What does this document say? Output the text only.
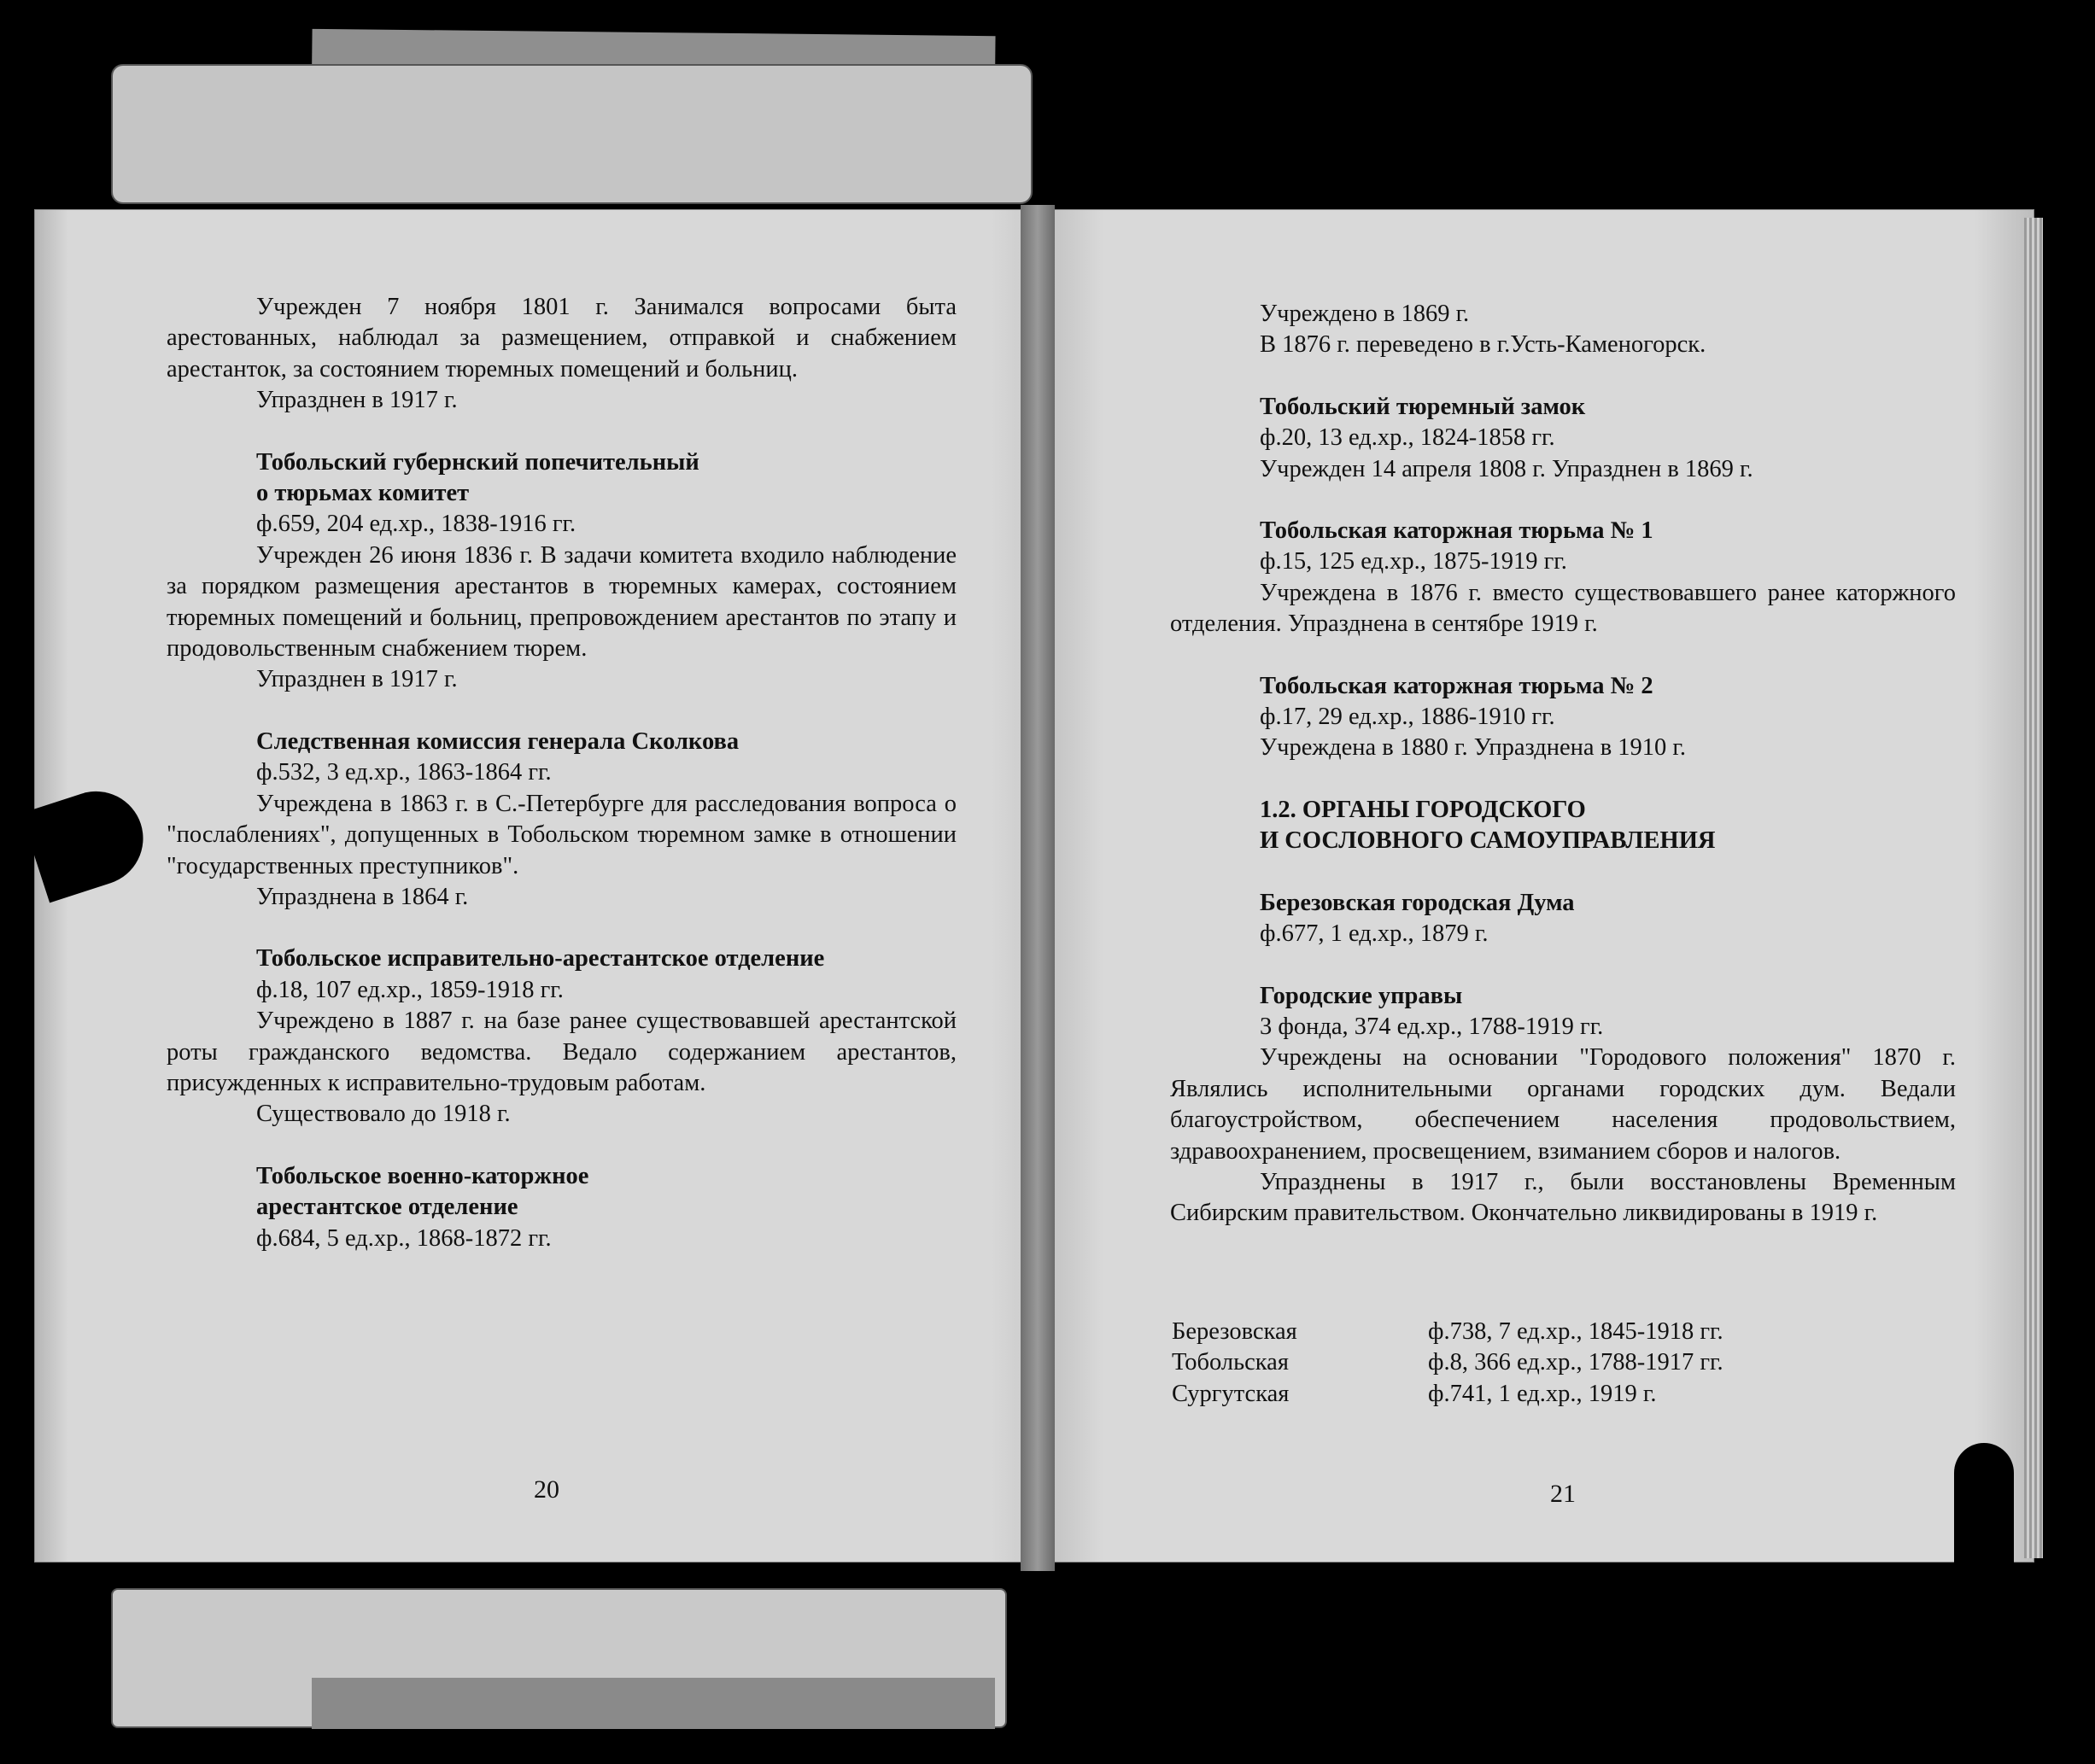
Учрежден 7 ноября 1801 г. Занимался вопросами быта арестованных, наблюдал за размещением, отправкой и снабжением арестанток, за состоянием тюремных помещений и больниц.

Упразднен в 1917 г.

Тобольский губернский попечительный

о тюрьмах комитет

ф.659, 204 ед.хр., 1838-1916 гг.

Учрежден 26 июня 1836 г. В задачи комитета входило наблюдение за порядком размещения арестантов в тюремных камерах, состоянием тюремных помещений и больниц, препровождением арестантов по этапу и продовольственным снабжением тюрем.

Упразднен в 1917 г.

Следственная комиссия генерала Сколкова

ф.532, 3 ед.хр., 1863-1864 гг.

Учреждена в 1863 г. в С.-Петербурге для расследования вопроса о "послаблениях", допущенных в Тобольском тюремном замке в отношении "государственных преступников".

Упразднена в 1864 г.

Тобольское исправительно-арестантское отделение

ф.18, 107 ед.хр., 1859-1918 гг.

Учреждено в 1887 г. на базе ранее существовавшей арестантской роты гражданского ведомства. Ведало содержанием арестантов, присужденных к исправительно-трудовым работам.

Существовало до 1918 г.

Тобольское военно-каторжное

арестантское отделение

ф.684, 5 ед.хр., 1868-1872 гг.

20

Учреждено в 1869 г.

В 1876 г. переведено в г.Усть-Каменогорск.

Тобольский тюремный замок

ф.20, 13 ед.хр., 1824-1858 гг.

Учрежден 14 апреля 1808 г. Упразднен в 1869 г.

Тобольская каторжная тюрьма № 1

ф.15, 125 ед.хр., 1875-1919 гг.

Учреждена в 1876 г. вместо существовавшего ранее каторжного отделения. Упразднена в сентябре 1919 г.

Тобольская каторжная тюрьма № 2

ф.17, 29 ед.хр., 1886-1910 гг.

Учреждена в 1880 г. Упразднена в 1910 г.

1.2. ОРГАНЫ ГОРОДСКОГО

И СОСЛОВНОГО САМОУПРАВЛЕНИЯ

Березовская городская Дума

ф.677, 1 ед.хр., 1879 г.

Городские управы

3 фонда, 374 ед.хр., 1788-1919 гг.

Учреждены на основании "Городового положения" 1870 г. Являлись исполнительными органами городских дум. Ведали благоустройством, обеспечением населения продовольствием, здравоохранением, просвещением, взиманием сборов и налогов.

Упразднены в 1917 г., были восстановлены Временным Сибирским правительством. Окончательно ликвидированы в 1919 г.

Березовская	ф.738, 7 ед.хр., 1845-1918 гг.
Тобольская	ф.8, 366 ед.хр., 1788-1917 гг.
Сургутская	ф.741, 1 ед.хр., 1919 г.
21
